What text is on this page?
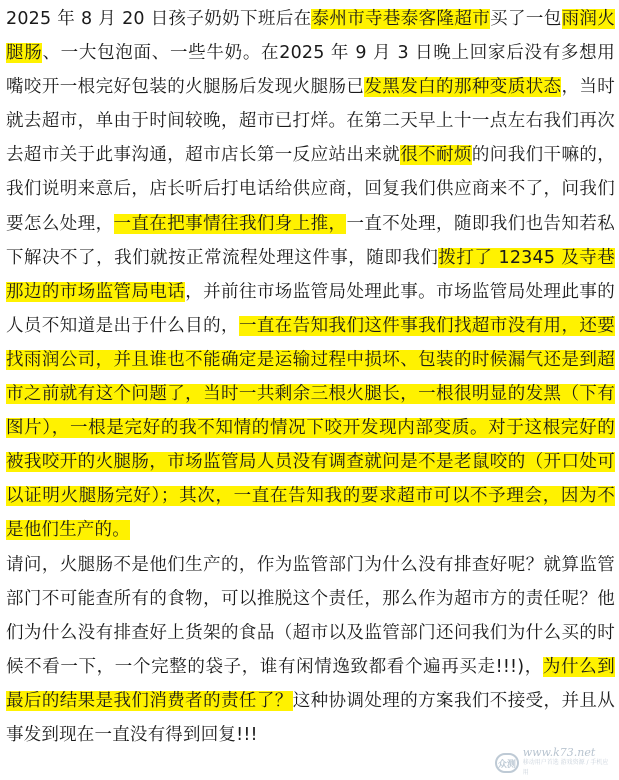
2025 年 8 月 20 日孩子奶奶下班后在泰州市寺巷泰客隆超市买了一包雨润火腿肠、一大包泡面、一些牛奶。在2025 年 9 月 3 日晚上回家后没有多想用嘴咬开一根完好包装的火腿肠后发现火腿肠已发黑发白的那种变质状态，当时就去超市，单由于时间较晚，超市已打烊。在第二天早上十一点左右我们再次去超市关于此事沟通，超市店长第一反应站出来就很不耐烦的问我们干嘛的，我们说明来意后，店长听后打电话给供应商，回复我们供应商来不了，问我们要怎么处理，一直在把事情往我们身上推，一直不处理，随即我们也告知若私下解决不了，我们就按正常流程处理这件事，随即我们拨打了 12345 及寺巷那边的市场监管局电话，并前往市场监管局处理此事。市场监管局处理此事的人员不知道是出于什么目的，一直在告知我们这件事我们找超市没有用，还要找雨润公司，并且谁也不能确定是运输过程中损坏、包装的时候漏气还是到超市之前就有这个问题了，当时一共剩余三根火腿长，一根很明显的发黑（下有图片），一根是完好的我不知情的情况下咬开发现内部变质。对于这根完好的被我咬开的火腿肠，市场监管局人员没有调查就问是不是老鼠咬的（开口处可以证明火腿肠完好）；其次，一直在告知我的要求超市可以不予理会，因为不是他们生产的。

请问，火腿肠不是他们生产的，作为监管部门为什么没有排查好呢？就算监管部门不可能查所有的食物，可以推脱这个责任，那么作为超市方的责任呢？他们为什么没有排查好上货架的食品（超市以及监管部门还问我们为什么买的时候不看一下，一个完整的袋子，谁有闲情逸致都看个遍再买走!!!)，为什么到最后的结果是我们消费者的责任了？这种协调处理的方案我们不接受，并且从事发到现在一直没有得到回复!!!

众测
www.k73.net
移动用户首选 游戏资源 / 手机应用
